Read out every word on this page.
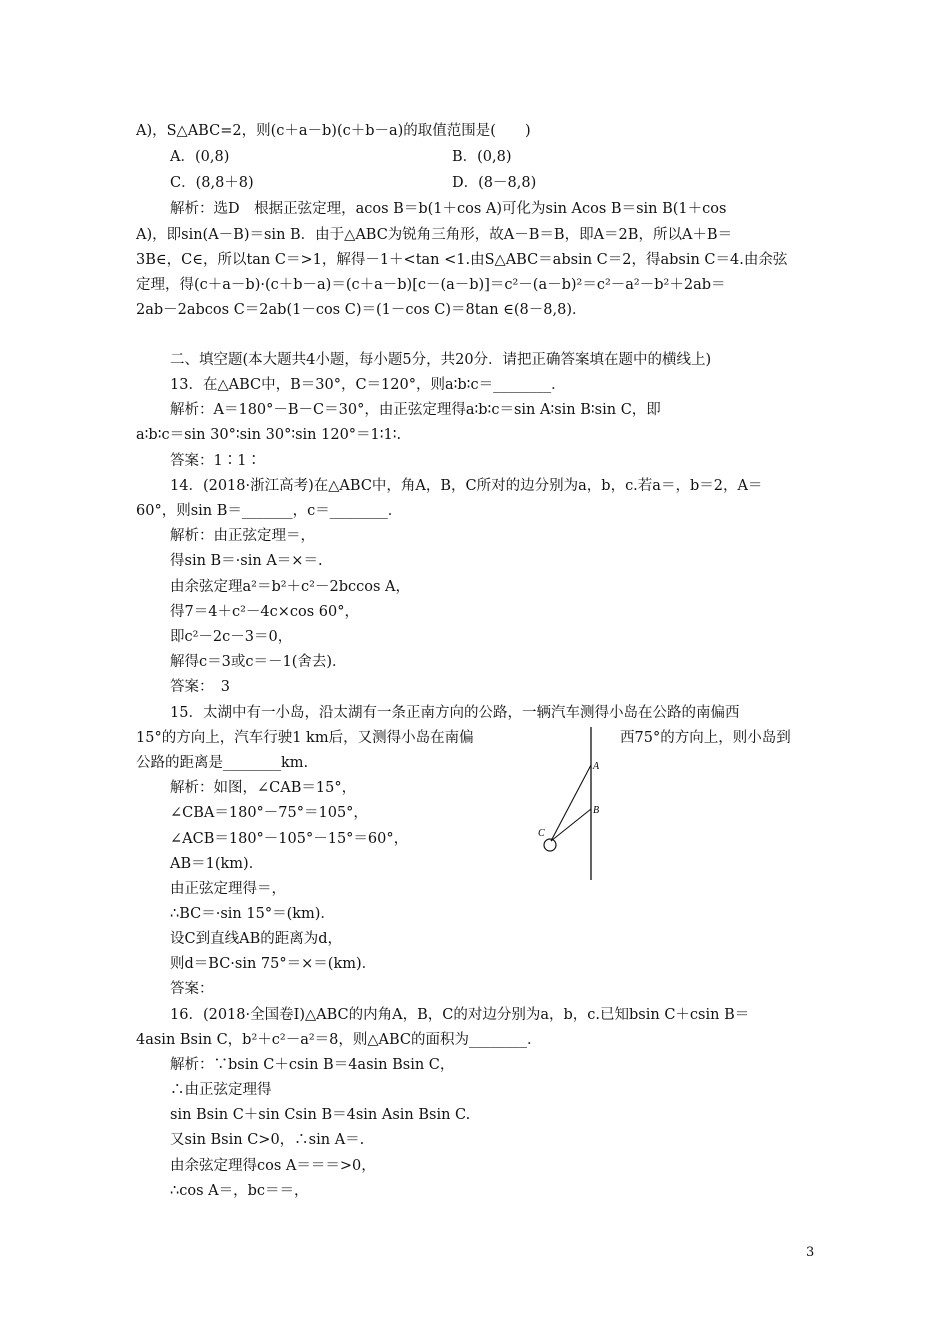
A)，S△ABC=2，则(c＋a－b)(c＋b－a)的取值范围是(　　)
A．(0,8)	B．(0,8)
C．(8,8＋8)	D．(8－8,8)
解析：选D　根据正弦定理，acos B＝b(1＋cos A)可化为sin Acos B＝sin B(1＋cos
A)，即sin(A－B)＝sin B．由于△ABC为锐角三角形，故A－B＝B，即A＝2B，所以A＋B＝
3B∈，C∈，所以tan C＝>1，解得－1＋<tan <1.由S△ABC＝absin C＝2，得absin C＝4.由余弦
定理，得(c＋a－b)·(c＋b－a)＝(c＋a－b)[c－(a－b)]＝c²－(a－b)²＝c²－a²－b²＋2ab＝
2ab－2abcos C＝2ab(1－cos C)＝(1－cos C)＝8tan ∈(8－8,8)．
二、填空题(本大题共4小题，每小题5分，共20分．请把正确答案填在题中的横线上)
13．在△ABC中，B＝30°，C＝120°，则a∶b∶c＝________．
解析：A＝180°－B－C＝30°，由正弦定理得a∶b∶c＝sin A∶sin B∶sin C，即
a∶b∶c＝sin 30°∶sin 30°∶sin 120°＝1∶1∶.
答案：1∶1∶
14．(2018·浙江高考)在△ABC中，角A，B，C所对的边分别为a，b，c.若a＝，b＝2，A＝
60°，则sin B＝_______，c＝________．
解析：由正弦定理＝，
得sin B＝·sin A＝×＝.
由余弦定理a²＝b²＋c²－2bccos A，
得7＝4＋c²－4c×cos 60°，
即c²－2c－3＝0，
解得c＝3或c＝－1(舍去)．
答案：　3
15．太湖中有一小岛，沿太湖有一条正南方向的公路，一辆汽车测得小岛在公路的南偏西
15°的方向上，汽车行驶1 km后，又测得小岛在南偏	西75°的方向上，则小岛到
公路的距离是________km.
解析：如图，∠CAB＝15°，
∠CBA＝180°－75°＝105°，
∠ACB＝180°－105°－15°＝60°，
AB＝1(km)．
由正弦定理得＝，
∴BC＝·sin 15°＝(km)．
设C到直线AB的距离为d，
则d＝BC·sin 75°＝×＝(km)．
答案：
16．(2018·全国卷Ⅰ)△ABC的内角A，B，C的对边分别为a，b，c.已知bsin C＋csin B＝
4asin Bsin C，b²＋c²－a²＝8，则△ABC的面积为________．
解析：∵bsin C＋csin B＝4asin Bsin C，
∴由正弦定理得
sin Bsin C＋sin Csin B＝4sin Asin Bsin C.
又sin Bsin C>0，∴sin A＝.
由余弦定理得cos A＝＝＝>0，
∴cos A＝，bc＝＝，
A
B
C
3
